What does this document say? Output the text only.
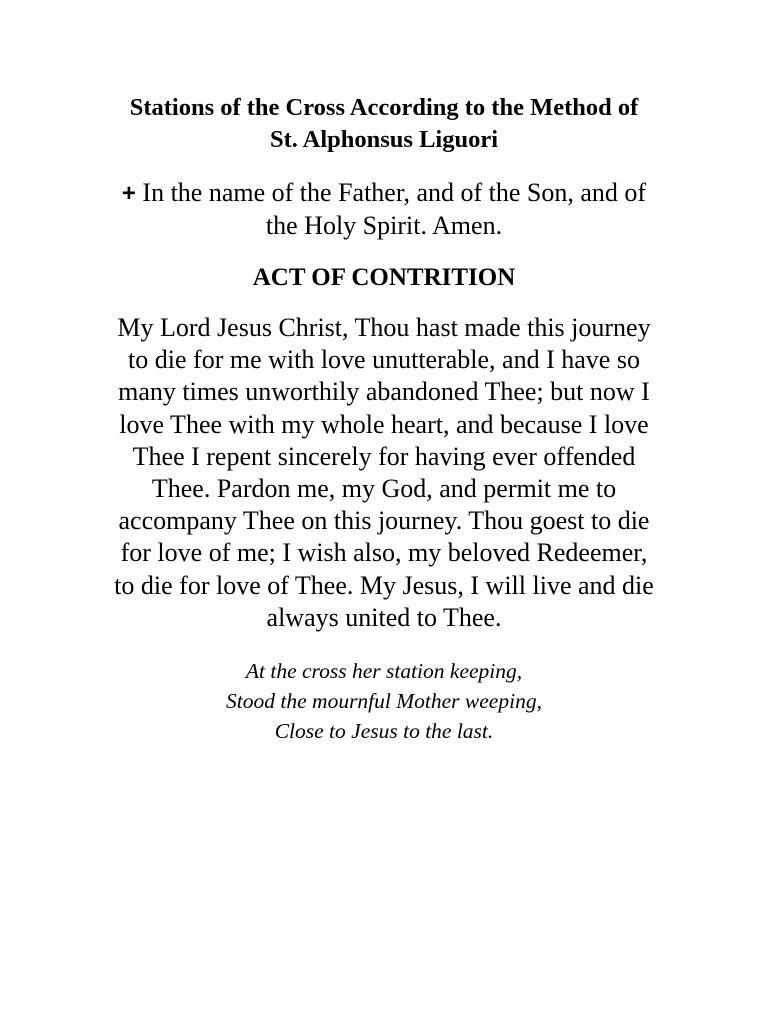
Stations of the Cross According to the Method of
St. Alphonsus Liguori

+ In the name of the Father, and of the Son, and of
the Holy Spirit. Amen.

ACT OF CONTRITION

My Lord Jesus Christ, Thou hast made this journey
to die for me with love unutterable, and I have so
many times unworthily abandoned Thee; but now I
love Thee with my whole heart, and because I love
Thee I repent sincerely for having ever offended
Thee. Pardon me, my God, and permit me to
accompany Thee on this journey. Thou goest to die
for love of me; I wish also, my beloved Redeemer,
to die for love of Thee. My Jesus, I will live and die
always united to Thee.

At the cross her station keeping,
Stood the mournful Mother weeping,
Close to Jesus to the last.
